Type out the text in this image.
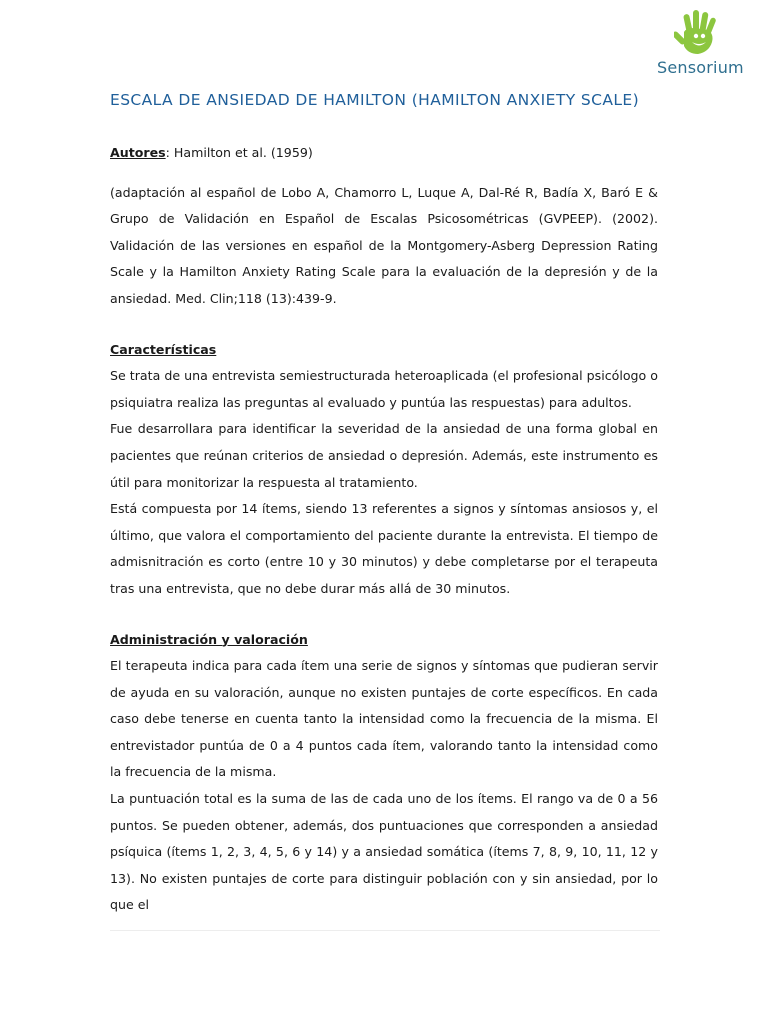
Sensorium
ESCALA DE ANSIEDAD DE HAMILTON (HAMILTON ANXIETY SCALE)

Autores: Hamilton et al. (1959)

(adaptación al español de Lobo A, Chamorro L, Luque A, Dal-Ré R, Badía X, Baró E & Grupo de Validación en Español de Escalas Psicosométricas (GVPEEP). (2002). Validación de las versiones en español de la Montgomery-Asberg Depression Rating Scale y la Hamilton Anxiety Rating Scale para la evaluación de la depresión y de la ansiedad. Med. Clin;118 (13):439-9.

Características

Se trata de una entrevista semiestructurada heteroaplicada (el profesional psicólogo o psiquiatra realiza las preguntas al evaluado y puntúa las respuestas) para adultos.

Fue desarrollara para identificar la severidad de la ansiedad de una forma global en pacientes que reúnan criterios de ansiedad o depresión. Además, este instrumento es útil para monitorizar la respuesta al tratamiento.

Está compuesta por 14 ítems, siendo 13 referentes a signos y síntomas ansiosos y, el último, que valora el comportamiento del paciente durante la entrevista. El tiempo de admisnitración es corto (entre 10 y 30 minutos) y debe completarse por el terapeuta tras una entrevista, que no debe durar más allá de 30 minutos.

Administración y valoración

El terapeuta indica para cada ítem una serie de signos y síntomas que pudieran servir de ayuda en su valoración, aunque no existen puntajes de corte específicos. En cada caso debe tenerse en cuenta tanto la intensidad como la frecuencia de la misma. El entrevistador puntúa de 0 a 4 puntos cada ítem, valorando tanto la intensidad como la frecuencia de la misma.

La puntuación total es la suma de las de cada uno de los ítems. El rango va de 0 a 56 puntos. Se pueden obtener, además, dos puntuaciones que corresponden a ansiedad psíquica (ítems 1, 2, 3, 4, 5, 6 y 14) y a ansiedad somática (ítems 7, 8, 9, 10, 11, 12 y 13). No existen puntajes de corte para distinguir población con y sin ansiedad, por lo que el
